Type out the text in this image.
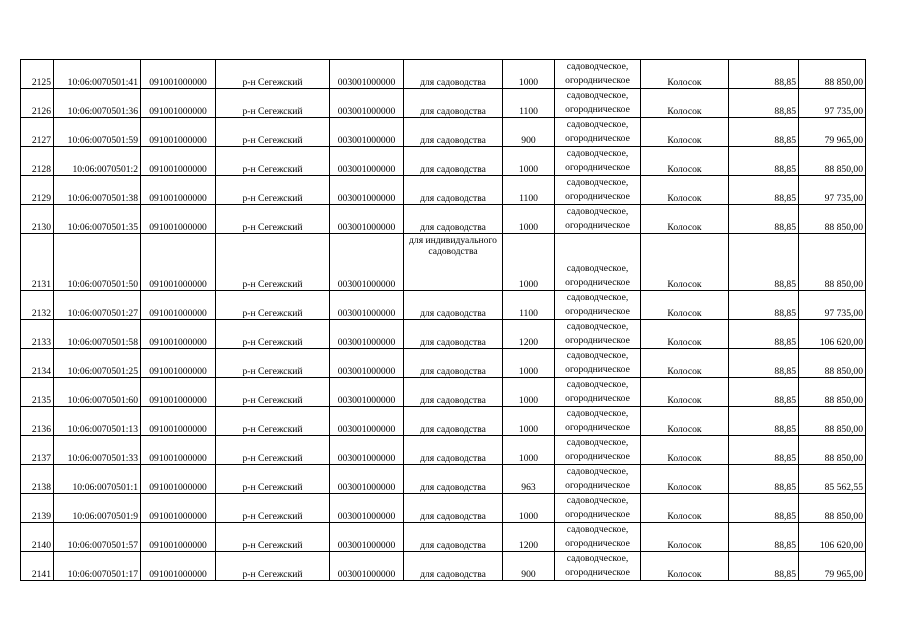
2125	10:06:0070501:41	091001000000	р-н Сегежский	003001000000	для садоводства	1000	садоводческое, огородническое	Колосок	88,85	88 850,00
2126	10:06:0070501:36	091001000000	р-н Сегежский	003001000000	для садоводства	1100	садоводческое, огородническое	Колосок	88,85	97 735,00
2127	10:06:0070501:59	091001000000	р-н Сегежский	003001000000	для садоводства	900	садоводческое, огородническое	Колосок	88,85	79 965,00
2128	10:06:0070501:2	091001000000	р-н Сегежский	003001000000	для садоводства	1000	садоводческое, огородническое	Колосок	88,85	88 850,00
2129	10:06:0070501:38	091001000000	р-н Сегежский	003001000000	для садоводства	1100	садоводческое, огородническое	Колосок	88,85	97 735,00
2130	10:06:0070501:35	091001000000	р-н Сегежский	003001000000	для садоводства	1000	садоводческое, огородническое	Колосок	88,85	88 850,00
2131	10:06:0070501:50	091001000000	р-н Сегежский	003001000000	для индивидуального садоводства	1000	садоводческое, огородническое	Колосок	88,85	88 850,00
2132	10:06:0070501:27	091001000000	р-н Сегежский	003001000000	для садоводства	1100	садоводческое, огородническое	Колосок	88,85	97 735,00
2133	10:06:0070501:58	091001000000	р-н Сегежский	003001000000	для садоводства	1200	садоводческое, огородническое	Колосок	88,85	106 620,00
2134	10:06:0070501:25	091001000000	р-н Сегежский	003001000000	для садоводства	1000	садоводческое, огородническое	Колосок	88,85	88 850,00
2135	10:06:0070501:60	091001000000	р-н Сегежский	003001000000	для садоводства	1000	садоводческое, огородническое	Колосок	88,85	88 850,00
2136	10:06:0070501:13	091001000000	р-н Сегежский	003001000000	для садоводства	1000	садоводческое, огородническое	Колосок	88,85	88 850,00
2137	10:06:0070501:33	091001000000	р-н Сегежский	003001000000	для садоводства	1000	садоводческое, огородническое	Колосок	88,85	88 850,00
2138	10:06:0070501:1	091001000000	р-н Сегежский	003001000000	для садоводства	963	садоводческое, огородническое	Колосок	88,85	85 562,55
2139	10:06:0070501:9	091001000000	р-н Сегежский	003001000000	для садоводства	1000	садоводческое, огородническое	Колосок	88,85	88 850,00
2140	10:06:0070501:57	091001000000	р-н Сегежский	003001000000	для садоводства	1200	садоводческое, огородническое	Колосок	88,85	106 620,00
2141	10:06:0070501:17	091001000000	р-н Сегежский	003001000000	для садоводства	900	садоводческое, огородническое	Колосок	88,85	79 965,00
